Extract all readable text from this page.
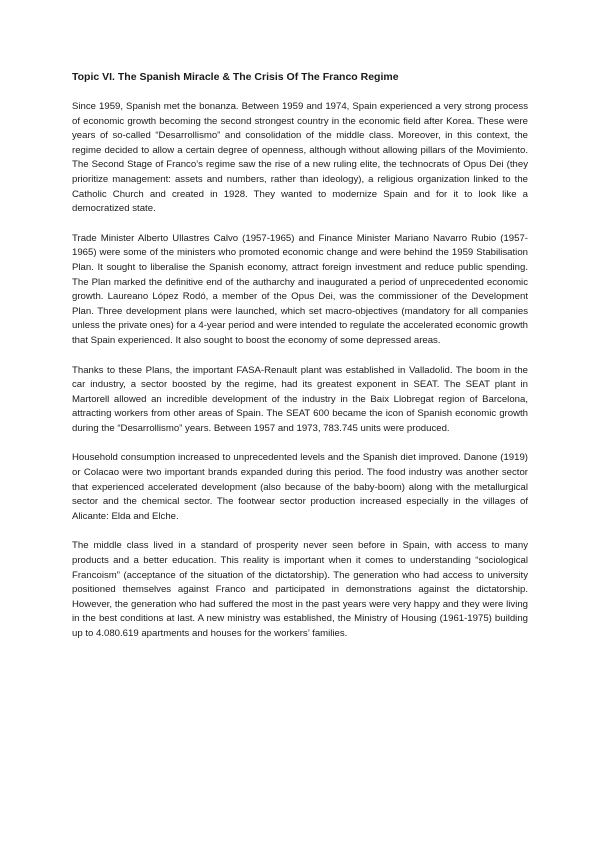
Topic VI. The Spanish Miracle & The Crisis Of The Franco Regime

Since 1959, Spanish met the bonanza. Between 1959 and 1974, Spain experienced a very strong process of economic growth becoming the second strongest country in the economic field after Korea. These were years of so-called “Desarrollismo” and consolidation of the middle class. Moreover, in this context, the regime decided to allow a certain degree of openness, although without allowing pillars of the Movimiento. The Second Stage of Franco’s regime saw the rise of a new ruling elite, the technocrats of Opus Dei (they prioritize management: assets and numbers, rather than ideology), a religious organization linked to the Catholic Church and created in 1928. They wanted to modernize Spain and for it to look like a democratized state.

Trade Minister Alberto Ullastres Calvo (1957-1965) and Finance Minister Mariano Navarro Rubio (1957-1965) were some of the ministers who promoted economic change and were behind the 1959 Stabilisation Plan. It sought to liberalise the Spanish economy, attract foreign investment and reduce public spending. The Plan marked the definitive end of the autharchy and inaugurated a period of unprecedented economic growth. Laureano López Rodó, a member of the Opus Dei, was the commissioner of the Development Plan. Three development plans were launched, which set macro-objectives (mandatory for all companies unless the private ones) for a 4-year period and were intended to regulate the accelerated economic growth that Spain experienced. It also sought to boost the economy of some depressed areas.

Thanks to these Plans, the important FASA-Renault plant was established in Valladolid. The boom in the car industry, a sector boosted by the regime, had its greatest exponent in SEAT. The SEAT plant in Martorell allowed an incredible development of the industry in the Baix Llobregat region of Barcelona, attracting workers from other areas of Spain. The SEAT 600 became the icon of Spanish economic growth during the “Desarrollismo” years. Between 1957 and 1973, 783.745 units were produced.

Household consumption increased to unprecedented levels and the Spanish diet improved. Danone (1919) or Colacao were two important brands expanded during this period. The food industry was another sector that experienced accelerated development (also because of the baby-boom) along with the metallurgical sector and the chemical sector. The footwear sector production increased especially in the villages of Alicante: Elda and Elche.

The middle class lived in a standard of prosperity never seen before in Spain, with access to many products and a better education. This reality is important when it comes to understanding “sociological Francoism” (acceptance of the situation of the dictatorship). The generation who had access to university positioned themselves against Franco and participated in demonstrations against the dictatorship. However, the generation who had suffered the most in the past years were very happy and they were living in the best conditions at last. A new ministry was established, the Ministry of Housing (1961-1975) building up to 4.080.619 apartments and houses for the workers’ families.
